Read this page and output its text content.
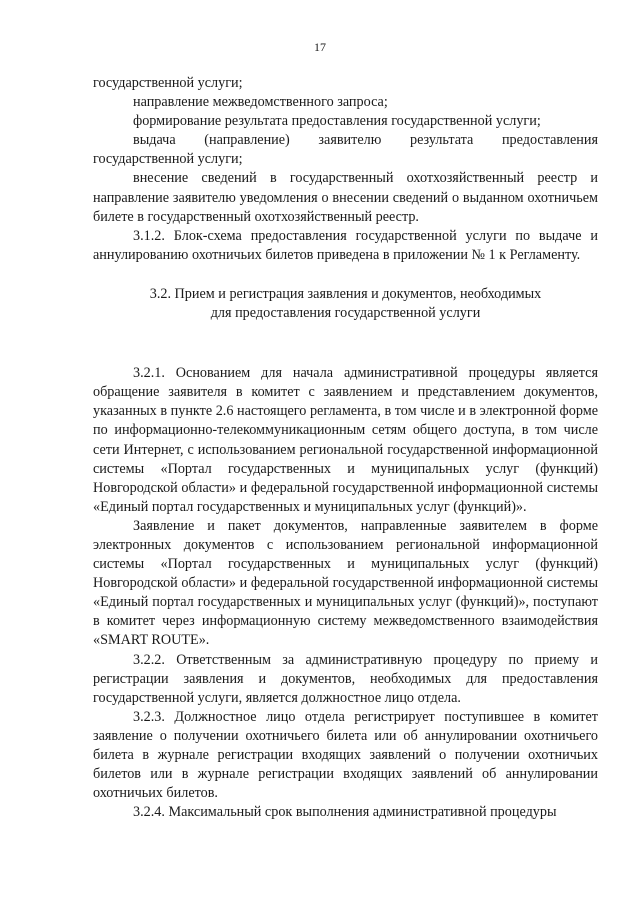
17

государственной услуги;

направление межведомственного запроса;

формирование результата предоставления государственной услуги;

выдача (направление) заявителю результата предоставления государственной услуги;

внесение сведений в государственный охотхозяйственный реестр и направление заявителю уведомления о внесении сведений о выданном охотничьем билете в государственный охотхозяйственный реестр.

3.1.2. Блок-схема предоставления государственной услуги по выдаче и аннулированию охотничьих билетов приведена в приложении № 1 к Регламенту.

3.2. Прием и регистрация заявления и документов, необходимых
для предоставления государственной услуги

3.2.1. Основанием для начала административной процедуры является обращение заявителя в комитет с заявлением и представлением документов, указанных в пункте 2.6 настоящего регламента, в том числе и в электронной форме по информационно-телекоммуникационным сетям общего доступа, в том числе сети Интернет, с использованием региональной государственной информационной системы «Портал государственных и муниципальных услуг (функций) Новгородской области» и федеральной государственной информационной системы «Единый портал государственных и муниципальных услуг (функций)».

Заявление и пакет документов, направленные заявителем в форме электронных документов с использованием региональной информационной системы «Портал государственных и муниципальных услуг (функций) Новгородской области» и федеральной государственной информационной системы «Единый портал государственных и муниципальных услуг (функций)», поступают в комитет через информационную систему межведомственного взаимодействия «SMART ROUTE».

3.2.2. Ответственным за административную процедуру по приему и регистрации заявления и документов, необходимых для предоставления государственной услуги, является должностное лицо отдела.

3.2.3. Должностное лицо отдела регистрирует поступившее в комитет заявление о получении охотничьего билета или об аннулировании охотничьего билета в журнале регистрации входящих заявлений о получении охотничьих билетов или в журнале регистрации входящих заявлений об аннулировании охотничьих билетов.

3.2.4. Максимальный срок выполнения административной процедуры
